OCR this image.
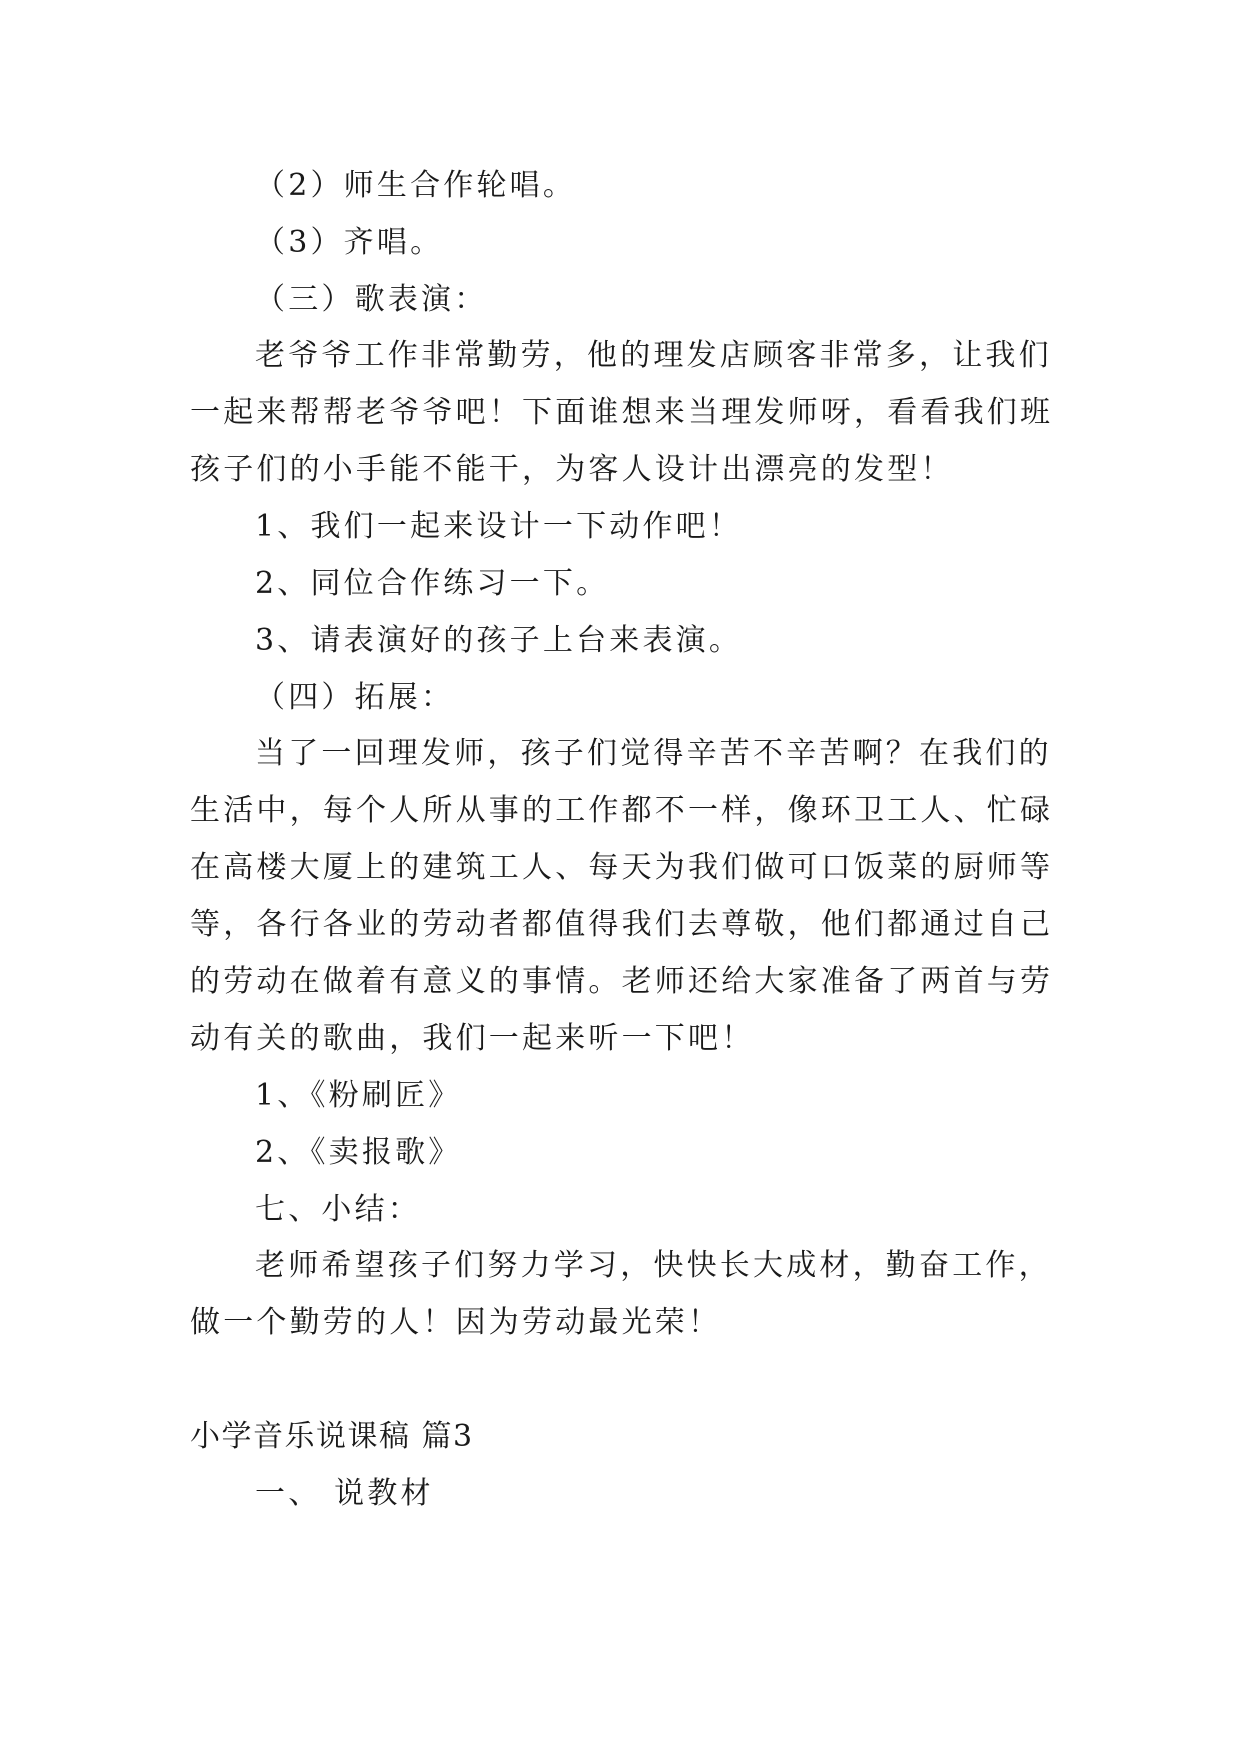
（2）师生合作轮唱。
（3）齐唱。
（三）歌表演：
老爷爷工作非常勤劳，他的理发店顾客非常多，让我们
一起来帮帮老爷爷吧！下面谁想来当理发师呀，看看我们班
孩子们的小手能不能干，为客人设计出漂亮的发型！
1、我们一起来设计一下动作吧！
2、同位合作练习一下。
3、请表演好的孩子上台来表演。
（四）拓展：
当了一回理发师，孩子们觉得辛苦不辛苦啊？在我们的
生活中，每个人所从事的工作都不一样，像环卫工人、忙碌
在高楼大厦上的建筑工人、每天为我们做可口饭菜的厨师等
等，各行各业的劳动者都值得我们去尊敬，他们都通过自己
的劳动在做着有意义的事情。老师还给大家准备了两首与劳
动有关的歌曲，我们一起来听一下吧！
1、《粉刷匠》
2、《卖报歌》
七、小结：
老师希望孩子们努力学习，快快长大成材，勤奋工作，
做一个勤劳的人！因为劳动最光荣！
小学音乐说课稿 篇3
一、 说教材
